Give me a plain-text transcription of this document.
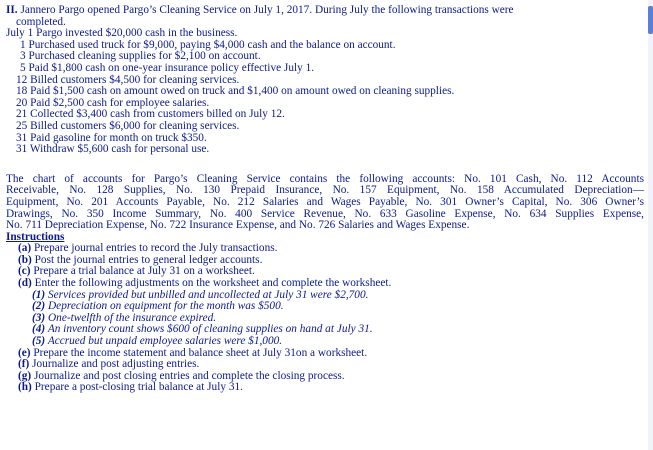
II. Jannero Pargo opened Pargo’s Cleaning Service on July 1, 2017. During July the following transactions were
completed.
July 1 Pargo invested $20,000 cash in the business.
1 Purchased used truck for $9,000, paying $4,000 cash and the balance on account.
3 Purchased cleaning supplies for $2,100 on account.
5 Paid $1,800 cash on one-year insurance policy effective July 1.
12 Billed customers $4,500 for cleaning services.
18 Paid $1,500 cash on amount owed on truck and $1,400 on amount owed on cleaning supplies.
20 Paid $2,500 cash for employee salaries.
21 Collected $3,400 cash from customers billed on July 12.
25 Billed customers $6,000 for cleaning services.
31 Paid gasoline for month on truck $350.
31 Withdraw $5,600 cash for personal use.
The chart of accounts for Pargo’s Cleaning Service contains the following accounts: No. 101 Cash, No. 112 Accounts
Receivable, No. 128 Supplies, No. 130 Prepaid Insurance, No. 157 Equipment, No. 158 Accumulated Depreciation—
Equipment, No. 201 Accounts Payable, No. 212 Salaries and Wages Payable, No. 301 Owner’s Capital, No. 306 Owner’s
Drawings, No. 350 Income Summary, No. 400 Service Revenue, No. 633 Gasoline Expense, No. 634 Supplies Expense,
No. 711 Depreciation Expense, No. 722 Insurance Expense, and No. 726 Salaries and Wages Expense.
Instructions
(a) Prepare journal entries to record the July transactions.
(b) Post the journal entries to general ledger accounts.
(c) Prepare a trial balance at July 31 on a worksheet.
(d) Enter the following adjustments on the worksheet and complete the worksheet.
(1) Services provided but unbilled and uncollected at July 31 were $2,700.
(2) Depreciation on equipment for the month was $500.
(3) One-twelfth of the insurance expired.
(4) An inventory count shows $600 of cleaning supplies on hand at July 31.
(5) Accrued but unpaid employee salaries were $1,000.
(e) Prepare the income statement and balance sheet at July 31on a worksheet.
(f) Journalize and post adjusting entries.
(g) Journalize and post closing entries and complete the closing process.
(h) Prepare a post-closing trial balance at July 31.
